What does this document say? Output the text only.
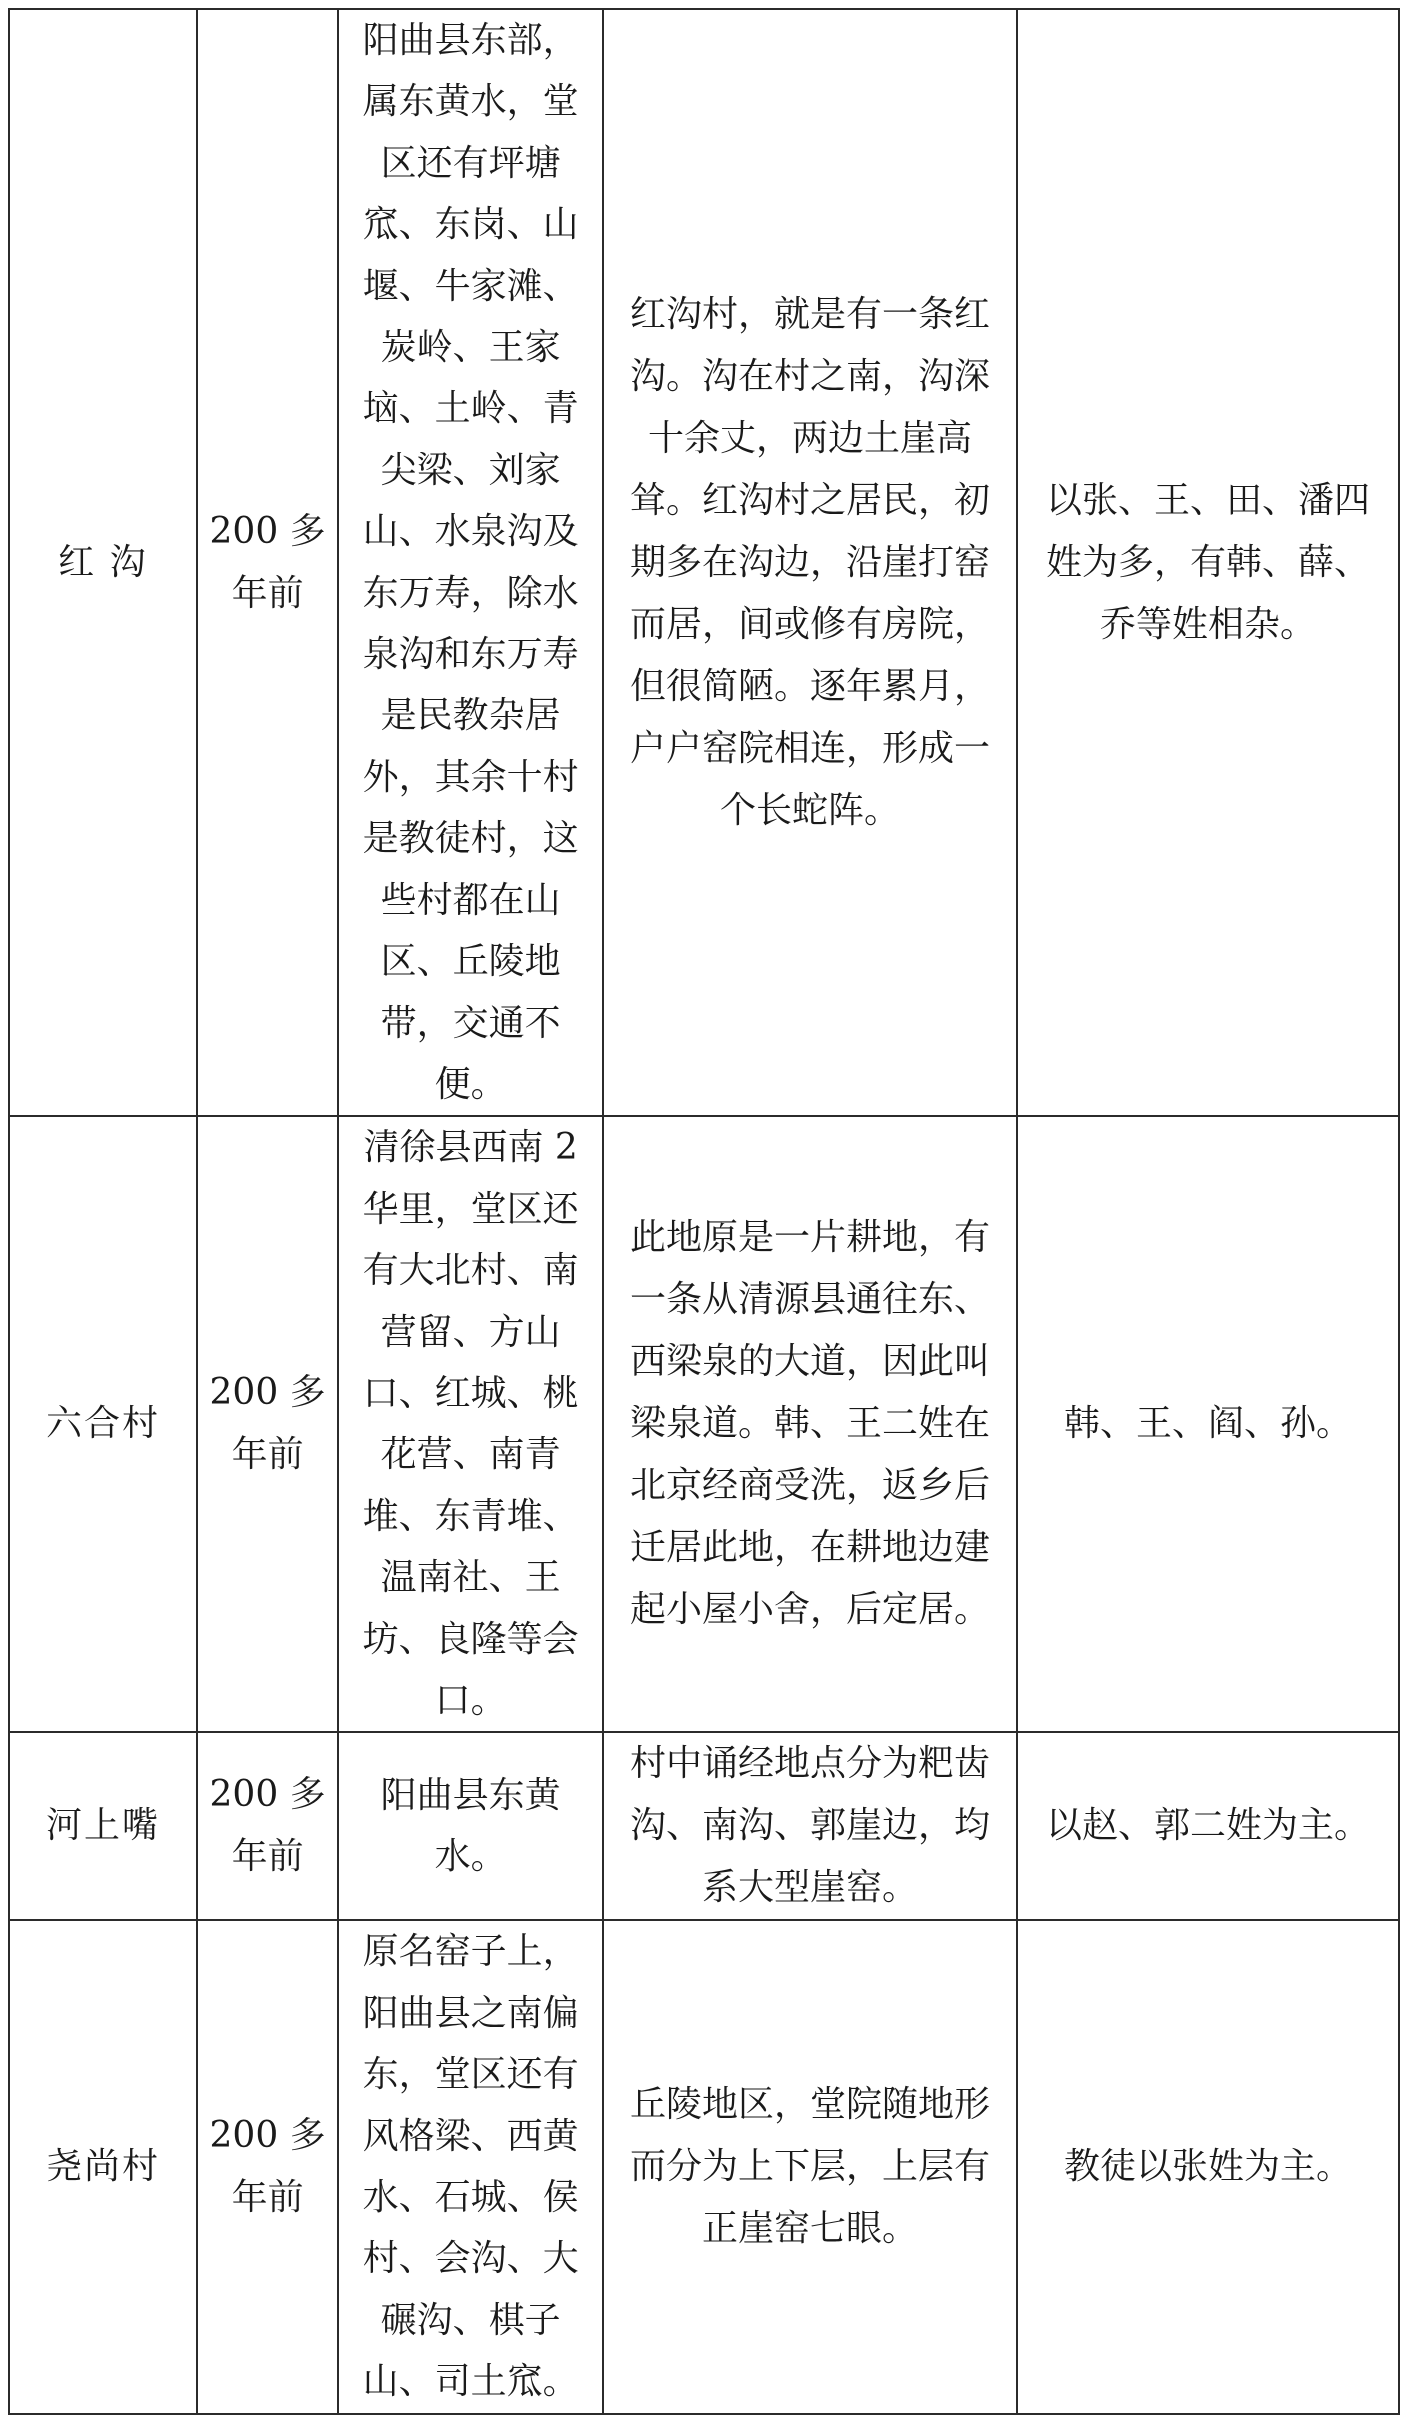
红 沟	200 多年前	阳曲县东部，属东黄水，堂区还有坪塘窊、东岗、山堰、牛家滩、炭岭、王家垴、土岭、青尖梁、刘家山、水泉沟及东万寿，除水泉沟和东万寿是民教杂居外，其余十村是教徒村，这些村都在山区、丘陵地带，交通不便。	红沟村，就是有一条红沟。沟在村之南，沟深十余丈，两边土崖高耸。红沟村之居民，初期多在沟边，沿崖打窑而居，间或修有房院，但很简陋。逐年累月，户户窑院相连，形成一个长蛇阵。	以张、王、田、潘四姓为多，有韩、薛、乔等姓相杂。
六合村	200 多年前	清徐县西南 2 华里，堂区还有大北村、南营留、方山口、红城、桃花营、南青堆、东青堆、温南社、王坊、良隆等会口。	此地原是一片耕地，有一条从清源县通往东、西梁泉的大道，因此叫梁泉道。韩、王二姓在北京经商受洗，返乡后迁居此地，在耕地边建起小屋小舍，后定居。	韩、王、阎、孙。
河上嘴	200 多年前	阳曲县东黄水。	村中诵经地点分为粑齿沟、南沟、郭崖边，均系大型崖窑。	以赵、郭二姓为主。
尧尚村	200 多年前	原名窑子上，阳曲县之南偏东，堂区还有风格梁、西黄水、石城、侯村、会沟、大碾沟、棋子山、司土窊。	丘陵地区，堂院随地形而分为上下层，上层有正崖窑七眼。	教徒以张姓为主。
